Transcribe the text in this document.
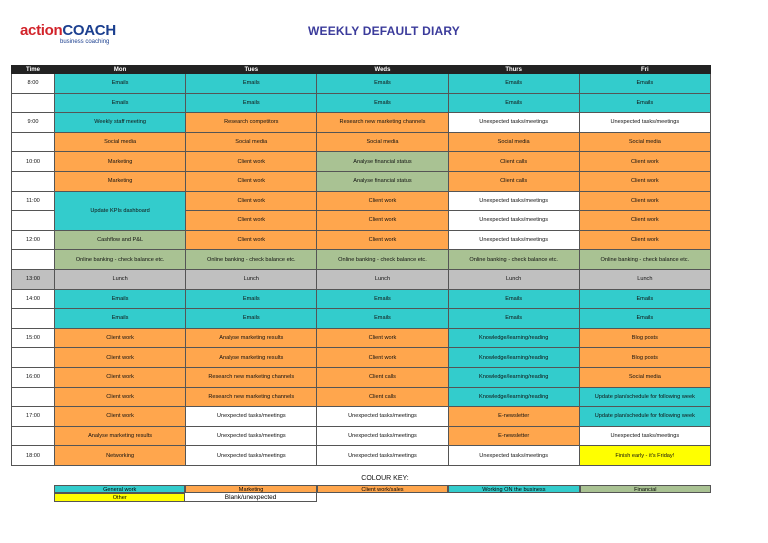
actionCOACH
business coaching
WEEKLY DEFAULT DIARY
Time	Mon	Tues	Weds	Thurs	Fri
8:00	Emails	Emails	Emails	Emails	Emails
	Emails	Emails	Emails	Emails	Emails
9:00	Weekly staff meeting	Research competitors	Research new marketing channels	Unexpected tasks/meetings	Unexpected tasks/meetings
	Social media	Social media	Social media	Social media	Social media
10:00	Marketing	Client work	Analyse financial status	Client calls	Client work
	Marketing	Client work	Analyse financial status	Client calls	Client work
11:00	Update KPIs dashboard	Client work	Client work	Unexpected tasks/meetings	Client work
		Client work	Client work	Unexpected tasks/meetings	Client work
12:00	Cashflow and P&L	Client work	Client work	Unexpected tasks/meetings	Client work
	Online banking - check balance etc.	Online banking - check balance etc.	Online banking - check balance etc.	Online banking - check balance etc.	Online banking - check balance etc.
13:00	Lunch	Lunch	Lunch	Lunch	Lunch
14:00	Emails	Emails	Emails	Emails	Emails
	Emails	Emails	Emails	Emails	Emails
15:00	Client work	Analyse marketing results	Client work	Knowledge/learning/reading	Blog posts
	Client work	Analyse marketing results	Client work	Knowledge/learning/reading	Blog posts
16:00	Client work	Research new marketing channels	Client calls	Knowledge/learning/reading	Social media
	Client work	Research new marketing channels	Client calls	Knowledge/learning/reading	Update plan/schedule for following week
17:00	Client work	Unexpected tasks/meetings	Unexpected tasks/meetings	E-newsletter	Update plan/schedule for following week
	Analyse marketing results	Unexpected tasks/meetings	Unexpected tasks/meetings	E-newsletter	Unexpected tasks/meetings
18:00	Networking	Unexpected tasks/meetings	Unexpected tasks/meetings	Unexpected tasks/meetings	Finish early - it's Friday!
COLOUR KEY:
General work	Marketing	Client work/sales	Working ON the business	Financial
Other	Blank/unexpected
